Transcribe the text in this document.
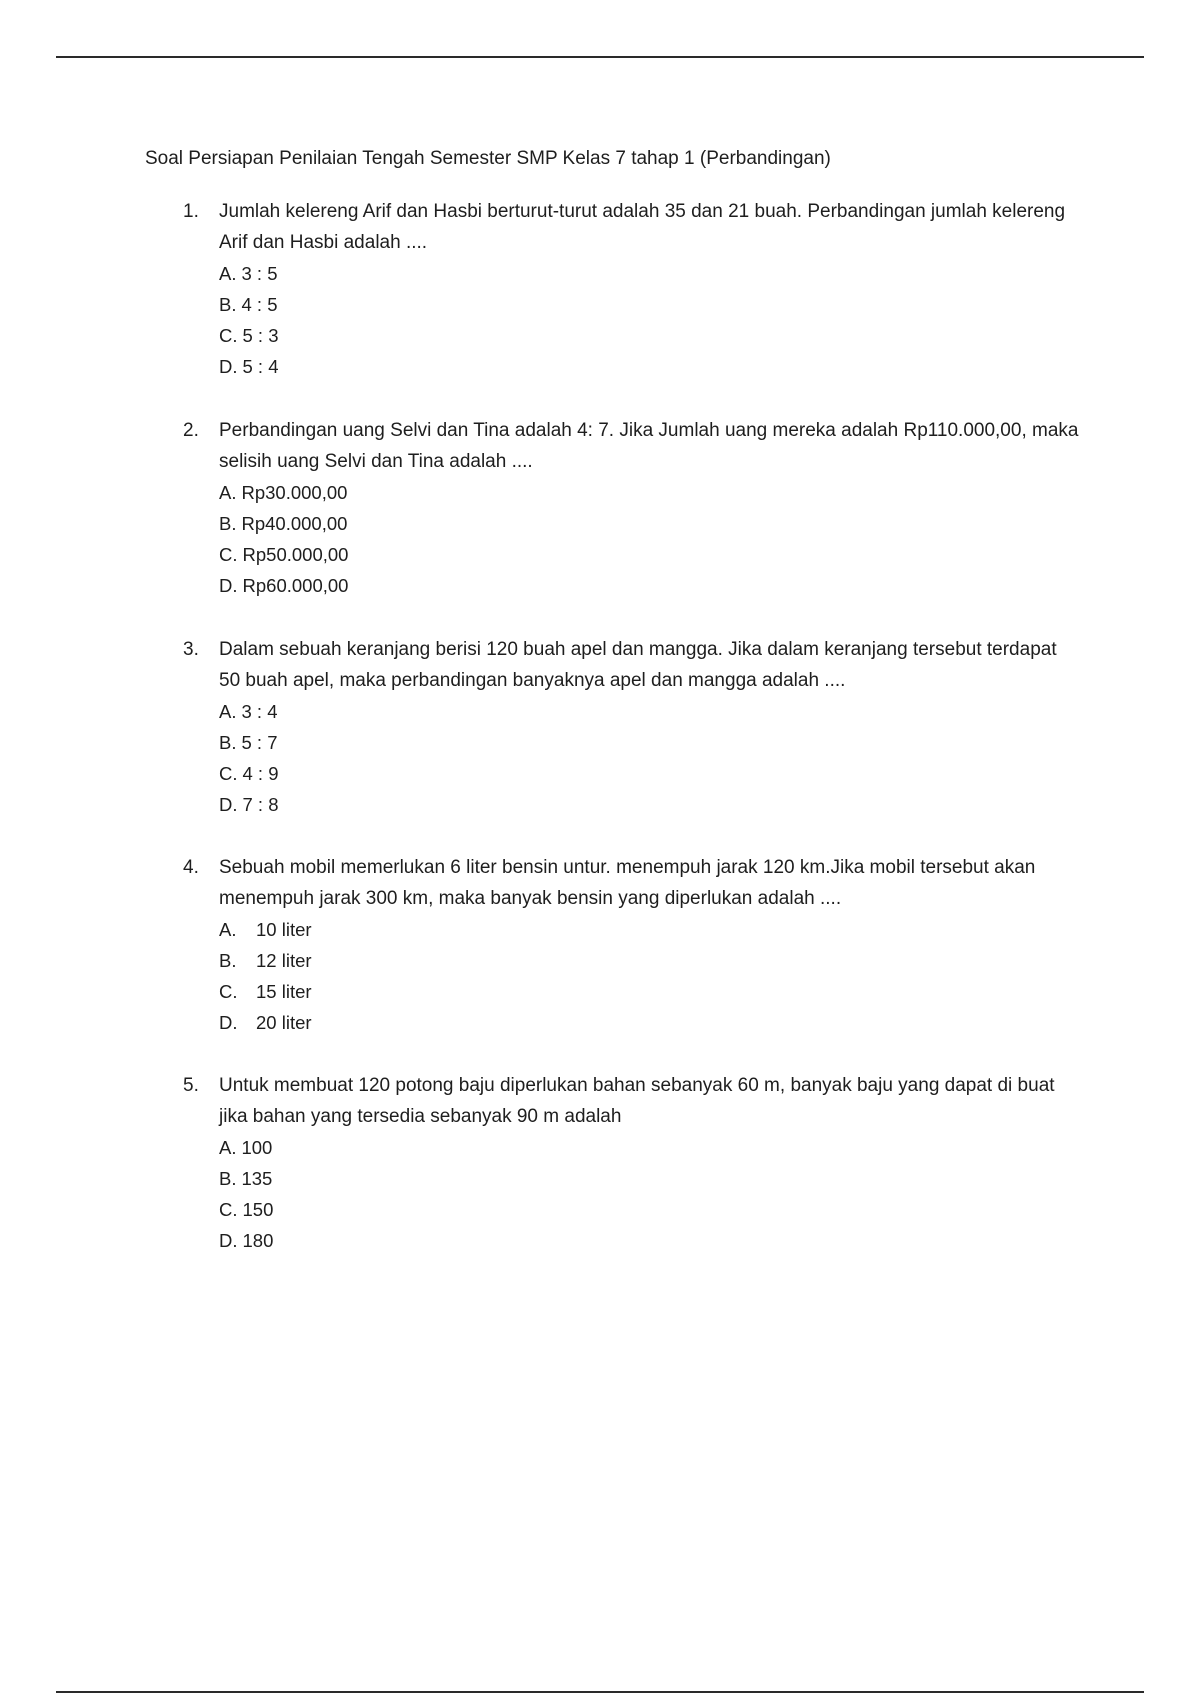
Soal Persiapan Penilaian Tengah Semester SMP Kelas 7 tahap 1 (Perbandingan)
1. Jumlah kelereng Arif dan Hasbi berturut-turut adalah 35 dan 21 buah. Perbandingan jumlah kelereng Arif dan Hasbi adalah ....
A. 3 : 5
B. 4 : 5
C. 5 : 3
D. 5 : 4
2. Perbandingan uang Selvi dan Tina adalah 4: 7. Jika Jumlah uang mereka adalah Rp110.000,00, maka selisih uang Selvi dan Tina adalah ....
A. Rp30.000,00
B. Rp40.000,00
C. Rp50.000,00
D. Rp60.000,00
3. Dalam sebuah keranjang berisi 120 buah apel dan mangga. Jika dalam keranjang tersebut terdapat 50 buah apel, maka perbandingan banyaknya apel dan mangga adalah ....
A. 3 : 4
B. 5 : 7
C. 4 : 9
D. 7 : 8
4. Sebuah mobil memerlukan 6 liter bensin untur. menempuh jarak 120 km.Jika mobil tersebut akan menempuh jarak 300 km, maka banyak bensin yang diperlukan adalah ....
A. 10 liter
B. 12 liter
C. 15 liter
D. 20 liter
5. Untuk membuat 120 potong baju diperlukan bahan sebanyak 60 m, banyak baju yang dapat di buat jika bahan yang tersedia sebanyak 90 m adalah
A. 100
B. 135
C. 150
D. 180
